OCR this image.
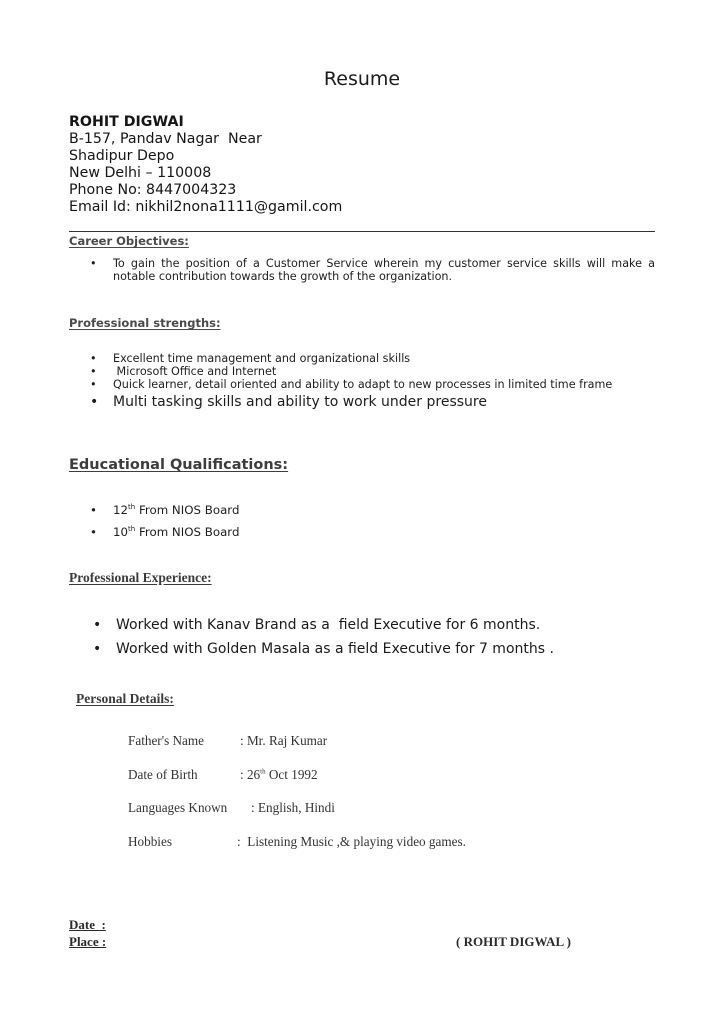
Resume
ROHIT DIGWAI
B-157, Pandav Nagar  Near
Shadipur Depo
New Delhi – 110008
Phone No: 8447004323
Email Id: nikhil2nona1111@gamil.com
Career Objectives:
• To gain the position of a Customer Service wherein my customer service skills will make a notable contribution towards the growth of the organization.
Professional strengths:
• Excellent time management and organizational skills
• Microsoft Office and Internet
• Quick learner, detail oriented and ability to adapt to new processes in limited time frame
• Multi tasking skills and ability to work under pressure
Educational Qualifications:
• 12th From NIOS Board
• 10th From NIOS Board
Professional Experience:
• Worked with Kanav Brand as a  field Executive for 6 months.
• Worked with Golden Masala as a field Executive for 7 months .
Personal Details:
Father's Name	: Mr. Raj Kumar
Date of Birth	: 26th Oct 1992
Languages Known : English, Hindi
Hobbies	:  Listening Music ,& playing video games.
Date  :
Place :	( ROHIT DIGWAL )
